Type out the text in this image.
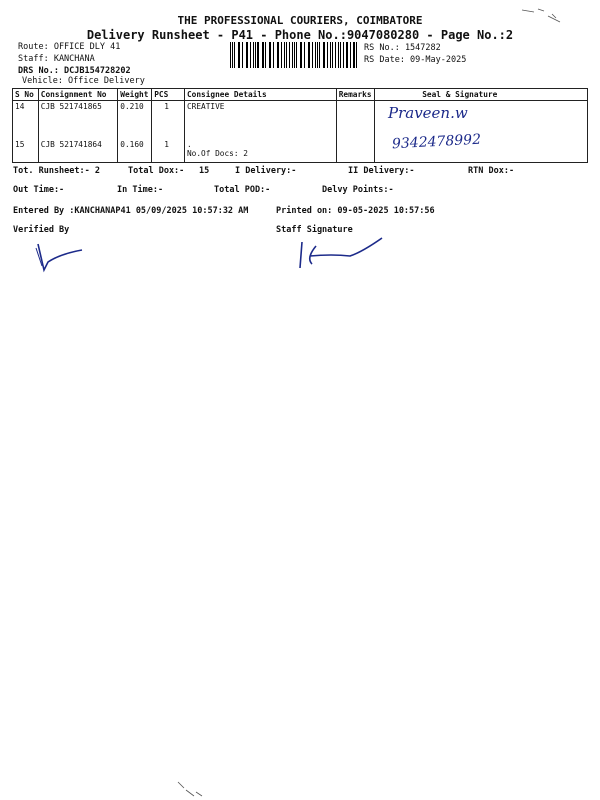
THE PROFESSIONAL COURIERS, COIMBATORE
Delivery Runsheet - P41 - Phone No.:9047080280 - Page No.:2
Route: OFFICE DLY 41
Staff: KANCHANA
DRS No.: DCJB154728202
Vehicle: Office Delivery
RS No.: 1547282
RS Date: 09-May-2025
S No	Consignment No	Weight	PCS	Consignee Details	Remarks	Seal & Signature
14	CJB 521741865	0.210	1	CREATIVE		
15	CJB 521741864	0.160	1	.
No.Of Docs: 2		

Praveen.w
9342478992
Tot. Runsheet:- 2	Total Dox:- 15	I Delivery:-	II Delivery:-	RTN Dox:-
Out Time:-	In Time:-	Total POD:-	Delvy Points:-
Entered By :KANCHANAP41 05/09/2025 10:57:32 AM	Printed on: 09-05-2025 10:57:56
Verified By	Staff Signature
